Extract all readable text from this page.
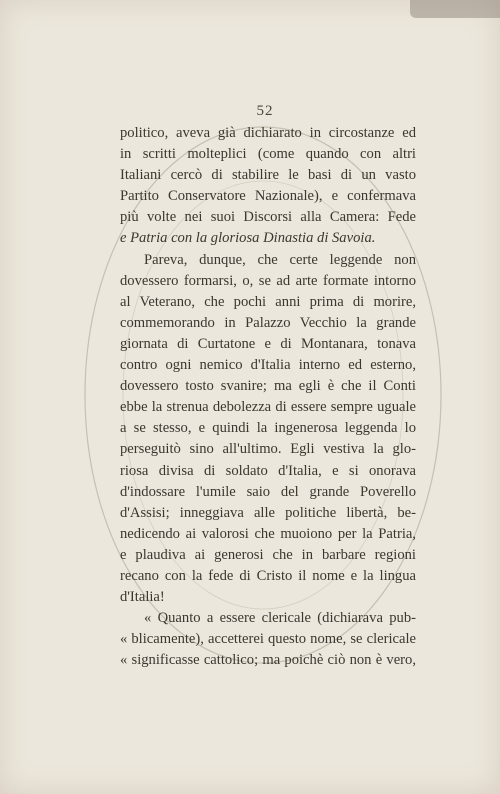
52
politico, aveva già dichiarato in circostanze ed
in scritti molteplici (come quando con altri
Italiani cercò di stabilire le basi di un vasto
Partito Conservatore Nazionale), e confermava
più volte nei suoi Discorsi alla Camera: Fede
e Patria con la gloriosa Dinastia di Savoia.
Pareva, dunque, che certe leggende non
dovessero formarsi, o, se ad arte formate intorno
al Veterano, che pochi anni prima di morire,
commemorando in Palazzo Vecchio la grande
giornata di Curtatone e di Montanara, tonava
contro ogni nemico d'Italia interno ed esterno,
dovessero tosto svanire; ma egli è che il Conti
ebbe la strenua debolezza di essere sempre uguale
a se stesso, e quindi la ingenerosa leggenda lo
perseguitò sino all'ultimo. Egli vestiva la glo-
riosa divisa di soldato d'Italia, e si onorava
d'indossare l'umile saio del grande Poverello
d'Assisi; inneggiava alle politiche libertà, be-
nedicendo ai valorosi che muoiono per la Patria,
e plaudiva ai generosi che in barbare regioni
recano con la fede di Cristo il nome e la lingua
d'Italia!
« Quanto a essere clericale (dichiarava pub-
« blicamente), accetterei questo nome, se clericale
« significasse cattolico; ma poichè ciò non è vero,
